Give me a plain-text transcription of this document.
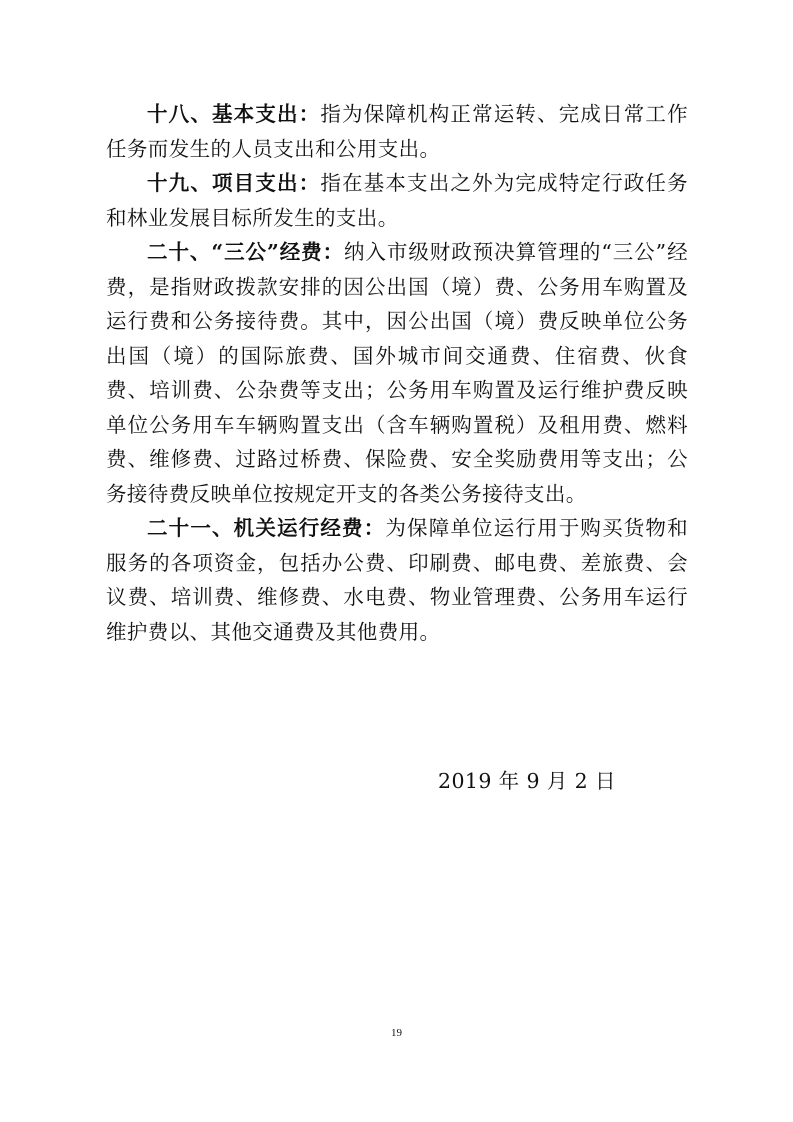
十八、基本支出：指为保障机构正常运转、完成日常工作任务而发生的人员支出和公用支出。

十九、项目支出：指在基本支出之外为完成特定行政任务和林业发展目标所发生的支出。

二十、“三公”经费：纳入市级财政预决算管理的“三公”经费，是指财政拨款安排的因公出国（境）费、公务用车购置及运行费和公务接待费。其中，因公出国（境）费反映单位公务出国（境）的国际旅费、国外城市间交通费、住宿费、伙食费、培训费、公杂费等支出；公务用车购置及运行维护费反映单位公务用车车辆购置支出（含车辆购置税）及租用费、燃料费、维修费、过路过桥费、保险费、安全奖励费用等支出；公务接待费反映单位按规定开支的各类公务接待支出。

二十一、机关运行经费：为保障单位运行用于购买货物和服务的各项资金，包括办公费、印刷费、邮电费、差旅费、会议费、培训费、维修费、水电费、物业管理费、公务用车运行维护费以、其他交通费及其他费用。

2019 年 9 月 2 日
19
